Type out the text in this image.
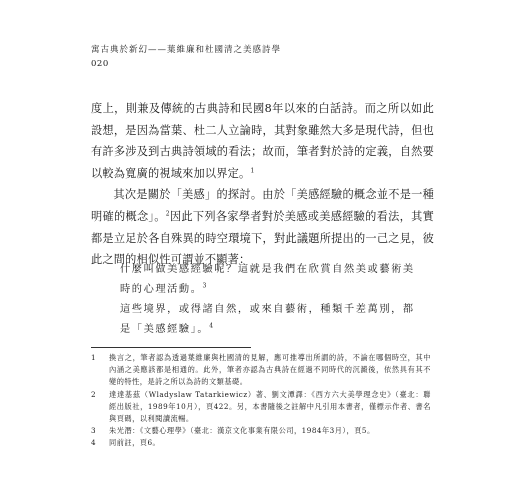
寓古典於新幻——葉維廉和杜國清之美感詩學
020

度上，則兼及傳統的古典詩和民國8年以來的白話詩。而之所以如此設想，是因為當葉、杜二人立論時，其對象雖然大多是現代詩，但也有許多涉及到古典詩領域的看法；故而，筆者對於詩的定義，自然要以較為寬廣的視域來加以界定。$^1$

其次是關於「美感」的探討。由於「美感經驗的概念並不是一種明確的概念」。$^2$因此下列各家學者對於美感或美感經驗的看法，其實都是立足於各自殊異的時空環境下，對此議題所提出的一己之見，彼此之間的相似性可謂並不顯著：

什麼叫做美感經驗呢？這就是我們在欣賞自然美或藝術美時的心理活動。$^3$

這些境界，或得諸自然，或來自藝術，種類千差萬別，都是「美感經驗」。$^4$

1 換言之，筆者認為透過葉維廉與杜國清的見解，應可推導出所謂的詩，不論在哪個時空，其中內涵之美應該都是相通的。此外，筆者亦認為古典詩在經過不同時代的沉澱後，依然具有其不變的特性，是詩之所以為詩的文類基礎。
2 達達基茲（Wladyslaw Tatarkiewicz）著、劉文潭譯：《西方六大美學理念史》（臺北：聯經出版社，1989年10月），頁422。另，本書隨後之註解中凡引用本書者，僅標示作者、書名與頁碼，以利閱讀流暢。
3 朱光潛：《文藝心理學》（臺北：漢京文化事業有限公司，1984年3月），頁5。
4 同前註，頁6。
